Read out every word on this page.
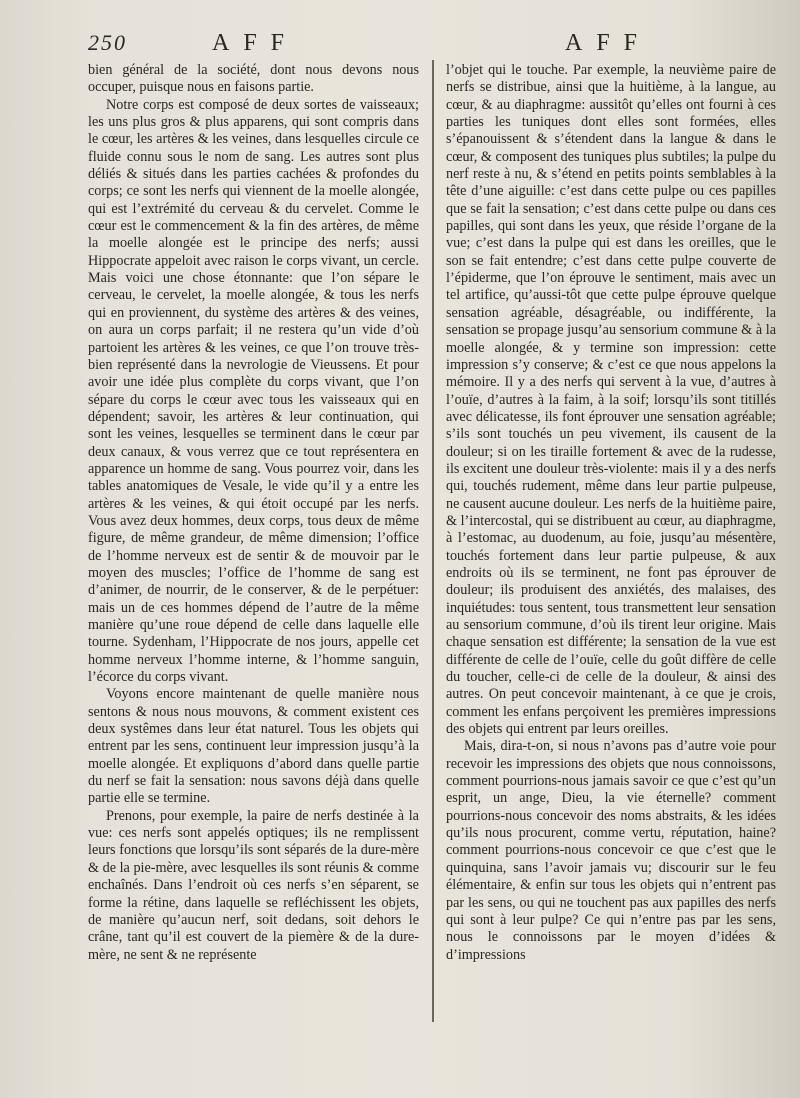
250	AFF	AFF

bien général de la société, dont nous devons nous occuper, puisque nous en faisons partie.

Notre corps est composé de deux sortes de vaisseaux; les uns plus gros & plus apparens, qui sont compris dans le cœur, les artères & les veines, dans lesquelles circule ce fluide connu sous le nom de sang. Les autres sont plus déliés & situés dans les parties cachées & profondes du corps; ce sont les nerfs qui viennent de la moelle alongée, qui est l’extrémité du cerveau & du cervelet. Comme le cœur est le commencement & la fin des artères, de même la moelle alongée est le principe des nerfs; aussi Hippocrate appeloit avec raison le corps vivant, un cercle. Mais voici une chose étonnante: que l’on sépare le cerveau, le cervelet, la moelle alongée, & tous les nerfs qui en proviennent, du système des artères & des veines, on aura un corps parfait; il ne restera qu’un vide d’où partoient les artères & les veines, ce que l’on trouve très-bien représenté dans la nevrologie de Vieussens. Et pour avoir une idée plus complète du corps vivant, que l’on sépare du corps le cœur avec tous les vaisseaux qui en dépendent; savoir, les artères & leur continuation, qui sont les veines, lesquelles se terminent dans le cœur par deux canaux, & vous verrez que ce tout représentera en apparence un homme de sang. Vous pourrez voir, dans les tables anatomiques de Vesale, le vide qu’il y a entre les artères & les veines, & qui étoit occupé par les nerfs. Vous avez deux hommes, deux corps, tous deux de même figure, de même grandeur, de même dimension; l’office de l’homme nerveux est de sentir & de mouvoir par le moyen des muscles; l’office de l’homme de sang est d’animer, de nourrir, de le conserver, & de le perpétuer: mais un de ces hommes dépend de l’autre de la même manière qu’une roue dépend de celle dans laquelle elle tourne. Sydenham, l’Hippocrate de nos jours, appelle cet homme nerveux l’homme interne, & l’homme sanguin, l’écorce du corps vivant.

Voyons encore maintenant de quelle manière nous sentons & nous nous mouvons, & comment existent ces deux systêmes dans leur état naturel. Tous les objets qui entrent par les sens, continuent leur impression jusqu’à la moelle alongée. Et expliquons d’abord dans quelle partie du nerf se fait la sensation: nous savons déjà dans quelle partie elle se termine.

Prenons, pour exemple, la paire de nerfs destinée à la vue: ces nerfs sont appelés optiques; ils ne remplissent leurs fonctions que lorsqu’ils sont séparés de la dure-mère & de la pie-mère, avec lesquelles ils sont réunis & comme enchaînés. Dans l’endroit où ces nerfs s’en séparent, se forme la rétine, dans laquelle se refléchissent les objets, de manière qu’aucun nerf, soit dedans, soit dehors le crâne, tant qu’il est couvert de la piemère & de la dure-mère, ne sent & ne représente

l’objet qui le touche. Par exemple, la neuvième paire de nerfs se distribue, ainsi que la huitième, à la langue, au cœur, & au diaphragme: aussitôt qu’elles ont fourni à ces parties les tuniques dont elles sont formées, elles s’épanouissent & s’étendent dans la langue & dans le cœur, & composent des tuniques plus subtiles; la pulpe du nerf reste à nu, & s’étend en petits points semblables à la tête d’une aiguille: c’est dans cette pulpe ou ces papilles que se fait la sensation; c’est dans cette pulpe ou dans ces papilles, qui sont dans les yeux, que réside l’organe de la vue; c’est dans la pulpe qui est dans les oreilles, que le son se fait entendre; c’est dans cette pulpe couverte de l’épiderme, que l’on éprouve le sentiment, mais avec un tel artifice, qu’aussi-tôt que cette pulpe éprouve quelque sensation agréable, désagréable, ou indifférente, la sensation se propage jusqu’au sensorium commune & à la moelle alongée, & y termine son impression: cette impression s’y conserve; & c’est ce que nous appelons la mémoire. Il y a des nerfs qui servent à la vue, d’autres à l’ouïe, d’autres à la faim, à la soif; lorsqu’ils sont titillés avec délicatesse, ils font éprouver une sensation agréable; s’ils sont touchés un peu vivement, ils causent de la douleur; si on les tiraille fortement & avec de la rudesse, ils excitent une douleur très-violente: mais il y a des nerfs qui, touchés rudement, même dans leur partie pulpeuse, ne causent aucune douleur. Les nerfs de la huitième paire, & l’intercostal, qui se distribuent au cœur, au diaphragme, à l’estomac, au duodenum, au foie, jusqu’au mésentère, touchés fortement dans leur partie pulpeuse, & aux endroits où ils se terminent, ne font pas éprouver de douleur; ils produisent des anxiétés, des malaises, des inquiétudes: tous sentent, tous transmettent leur sensation au sensorium commune, d’où ils tirent leur origine. Mais chaque sensation est différente; la sensation de la vue est différente de celle de l’ouïe, celle du goût diffère de celle du toucher, celle-ci de celle de la douleur, & ainsi des autres. On peut concevoir maintenant, à ce que je crois, comment les enfans perçoivent les premières impressions des objets qui entrent par leurs oreilles.

Mais, dira-t-on, si nous n’avons pas d’autre voie pour recevoir les impressions des objets que nous connoissons, comment pourrions-nous jamais savoir ce que c’est qu’un esprit, un ange, Dieu, la vie éternelle? comment pourrions-nous concevoir des noms abstraits, & les idées qu’ils nous procurent, comme vertu, réputation, haine? comment pourrions-nous concevoir ce que c’est que le quinquina, sans l’avoir jamais vu; discourir sur le feu élémentaire, & enfin sur tous les objets qui n’entrent pas par les sens, ou qui ne touchent pas aux papilles des nerfs qui sont à leur pulpe? Ce qui n’entre pas par les sens, nous le connoissons par le moyen d’idées & d’impressions
